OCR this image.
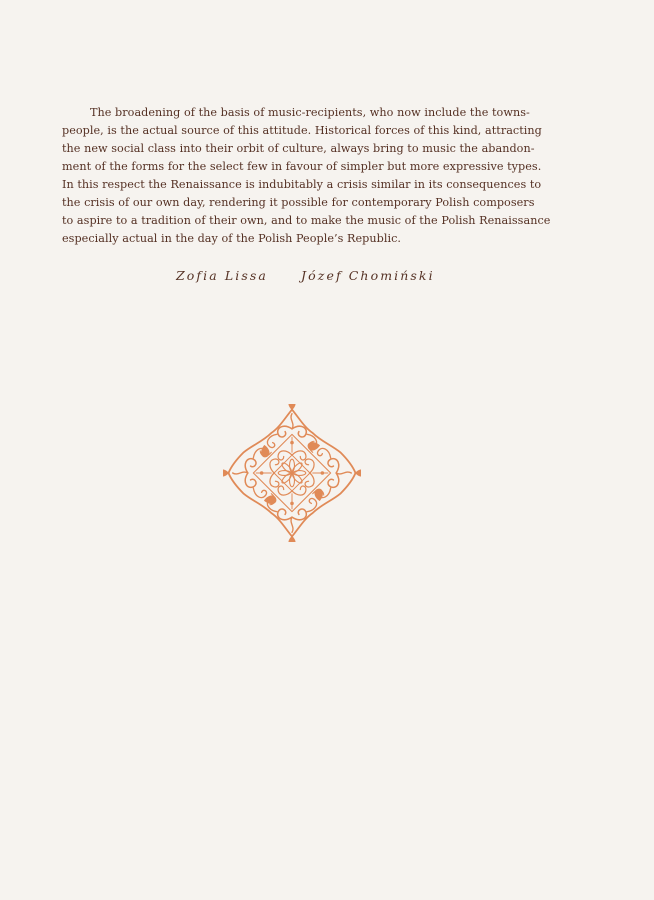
The broadening of the basis of music-recipients, who now include the towns-
people, is the actual source of this attitude. Historical forces of this kind, attracting
the new social class into their orbit of culture, always bring to music the abandon-
ment of the forms for the select few in favour of simpler but more expressive types.
In this respect the Renaissance is indubitably a crisis similar in its consequences to
the crisis of our own day, rendering it possible for contemporary Polish composers
to aspire to a tradition of their own, and to make the music of the Polish Renaissance
especially actual in the day of the Polish People’s Republic.
Zofia Lissa	Józef Chomiński
